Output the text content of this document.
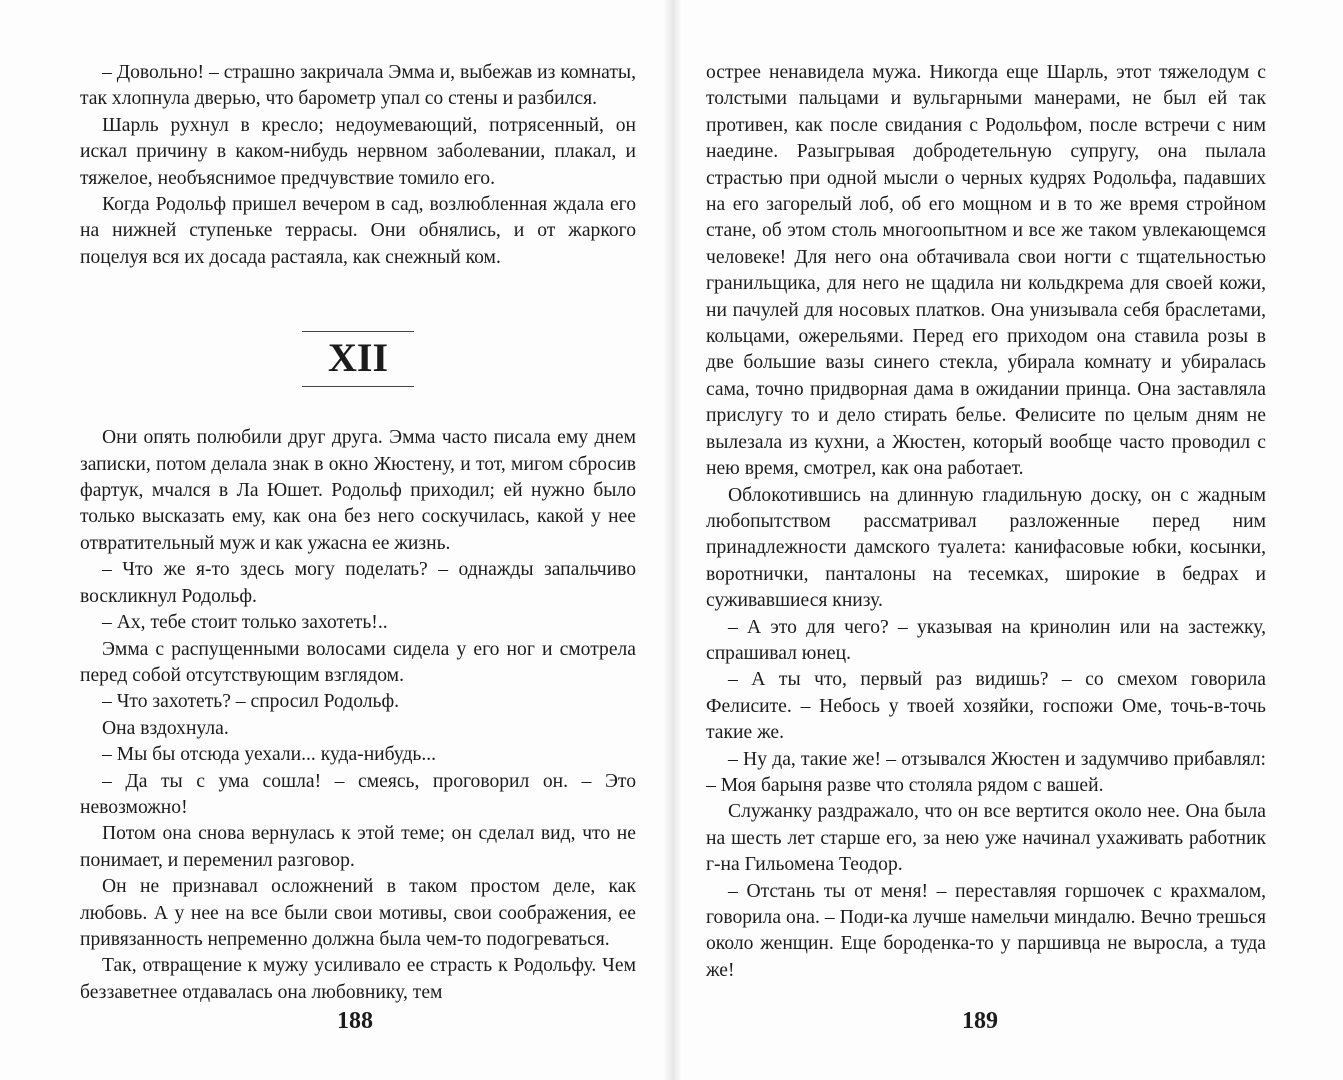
– Довольно! – страшно закричала Эмма и, выбежав из комнаты, так хлопнула дверью, что барометр упал со стены и разбился.

Шарль рухнул в кресло; недоумевающий, потрясенный, он искал причину в каком-нибудь нервном заболевании, плакал, и тяжелое, необъяснимое предчувствие томило его.

Когда Родольф пришел вечером в сад, возлюбленная ждала его на нижней ступеньке террасы. Они обнялись, и от жаркого поцелуя вся их досада растаяла, как снежный ком.

XII

Они опять полюбили друг друга. Эмма часто писала ему днем записки, потом делала знак в окно Жюстену, и тот, мигом сбросив фартук, мчался в Ла Юшет. Родольф приходил; ей нужно было только высказать ему, как она без него соскучилась, какой у нее отвратительный муж и как ужасна ее жизнь.

– Что же я-то здесь могу поделать? – однажды запальчиво воскликнул Родольф.

– Ах, тебе стоит только захотеть!..

Эмма с распущенными волосами сидела у его ног и смотрела перед собой отсутствующим взглядом.

– Что захотеть? – спросил Родольф.

Она вздохнула.

– Мы бы отсюда уехали... куда-нибудь...

– Да ты с ума сошла! – смеясь, проговорил он. – Это невозможно!

Потом она снова вернулась к этой теме; он сделал вид, что не понимает, и переменил разговор.

Он не признавал осложнений в таком простом деле, как любовь. А у нее на все были свои мотивы, свои соображения, ее привязанность непременно должна была чем-то подогреваться.

Так, отвращение к мужу усиливало ее страсть к Родольфу. Чем беззаветнее отдавалась она любовнику, тем

острее ненавидела мужа. Никогда еще Шарль, этот тяжелодум с толстыми пальцами и вульгарными манерами, не был ей так противен, как после свидания с Родольфом, после встречи с ним наедине. Разыгрывая добродетельную супругу, она пылала страстью при одной мысли о черных кудрях Родольфа, падавших на его загорелый лоб, об его мощном и в то же время стройном стане, об этом столь многоопытном и все же таком увлекающемся человеке! Для него она обтачивала свои ногти с тщательностью гранильщика, для него не щадила ни кольдкрема для своей кожи, ни пачулей для носовых платков. Она унизывала себя браслетами, кольцами, ожерельями. Перед его приходом она ставила розы в две большие вазы синего стекла, убирала комнату и убиралась сама, точно придворная дама в ожидании принца. Она заставляла прислугу то и дело стирать белье. Фелисите по целым дням не вылезала из кухни, а Жюстен, который вообще часто проводил с нею время, смотрел, как она работает.

Облокотившись на длинную гладильную доску, он с жадным любопытством рассматривал разложенные перед ним принадлежности дамского туалета: канифасовые юбки, косынки, воротнички, панталоны на тесемках, широкие в бедрах и суживавшиеся книзу.

– А это для чего? – указывая на кринолин или на застежку, спрашивал юнец.

– А ты что, первый раз видишь? – со смехом говорила Фелисите. – Небось у твоей хозяйки, госпожи Оме, точь-в-точь такие же.

– Ну да, такие же! – отзывался Жюстен и задумчиво прибавлял: – Моя барыня разве что столяла рядом с вашей.

Служанку раздражало, что он все вертится около нее. Она была на шесть лет старше его, за нею уже начинал ухаживать работник г-на Гильомена Теодор.

– Отстань ты от меня! – переставляя горшочек с крахмалом, говорила она. – Поди-ка лучше намельчи миндалю. Вечно трешься около женщин. Еще бороденка-то у паршивца не выросла, а туда же!

188	189
